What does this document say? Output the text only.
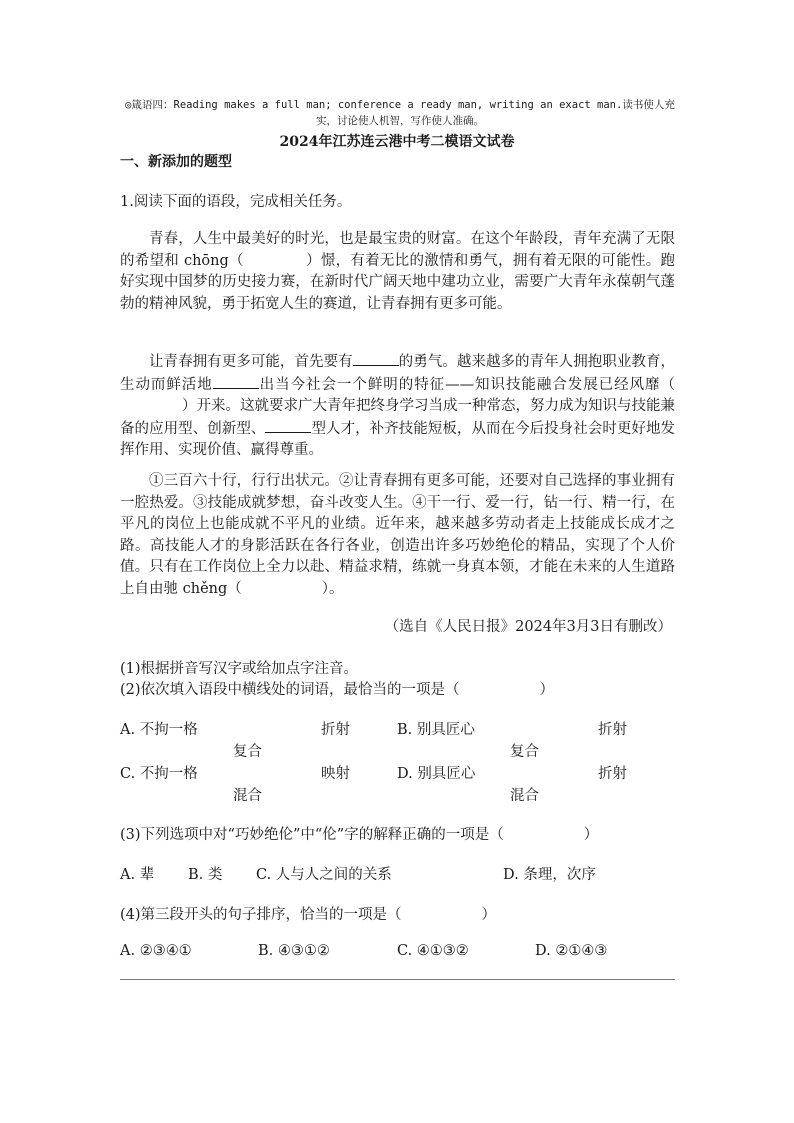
◎箴语四：Reading makes a full man; conference a ready man, writing an exact man.读书使人充实，讨论使人机智，写作使人准确。
2024年江苏连云港中考二模语文试卷
一、新添加的题型
1.阅读下面的语段，完成相关任务。
青春，人生中最美好的时光，也是最宝贵的财富。在这个年龄段，青年充满了无限的希望和 chōng（	）憬，有着无比的激情和勇气，拥有着无限的可能性。跑好实现中国梦的历史接力赛，在新时代广阔天地中建功立业，需要广大青年永葆朝气蓬勃的精神风貌，勇于拓宽人生的赛道，让青春拥有更多可能。
让青春拥有更多可能，首先要有	的勇气。越来越多的青年人拥抱职业教育，生动而鲜活地	出当今社会一个鲜明的特征——知识技能融合发展已经风靡（）开来。这就要求广大青年把终身学习当成一种常态，努力成为知识与技能兼备的应用型、创新型、	型人才，补齐技能短板，从而在今后投身社会时更好地发挥作用、实现价值、赢得尊重。
①三百六十行，行行出状元。②让青春拥有更多可能，还要对自己选择的事业拥有一腔热爱。③技能成就梦想，奋斗改变人生。④干一行、爱一行，钻一行、精一行，在平凡的岗位上也能成就不平凡的业绩。近年来，越来越多劳动者走上技能成长成才之路。高技能人才的身影活跃在各行各业，创造出许多巧妙绝伦的精品，实现了个人价值。只有在工作岗位上全力以赴、精益求精，练就一身真本领，才能在未来的人生道路上自由驰 chěng（	）。
（选自《人民日报》2024年3月3日有删改）
(1)根据拼音写汉字或给加点字注音。
(2)依次填入语段中横线处的词语，最恰当的一项是（	）
A. 不拘一格	折射
复合
B. 别具匠心	折射
复合
C. 不拘一格	映射
混合
D. 别具匠心	折射
混合
(3)下列选项中对“巧妙绝伦”中“伦”字的解释正确的一项是（	）
A. 辈 B. 类 C. 人与人之间的关系	D. 条理，次序
(4)第三段开头的句子排序，恰当的一项是（	）
A. ②③④①	B. ④③①②	C. ④①③②	D. ②①④③
